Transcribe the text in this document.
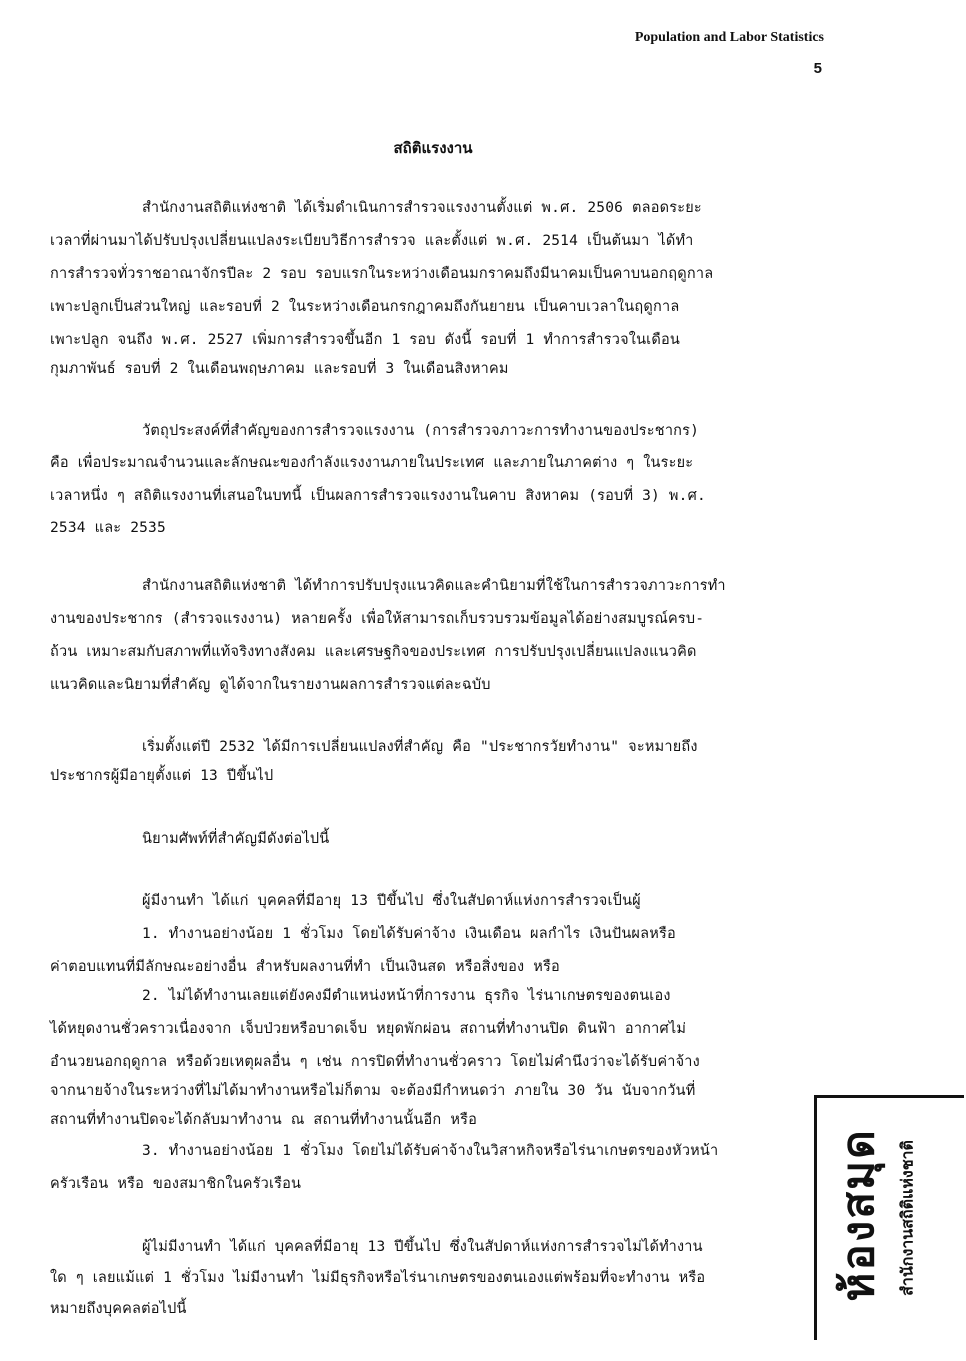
Population and Labor Statistics
5
สถิติแรงงาน
สำนักงานสถิติแห่งชาติ ได้เริ่มดำเนินการสำรวจแรงงานตั้งแต่ พ.ศ. 2506 ตลอดระยะ
เวลาที่ผ่านมาได้ปรับปรุงเปลี่ยนแปลงระเบียบวิธีการสำรวจ และตั้งแต่ พ.ศ. 2514 เป็นต้นมา ได้ทำ
การสำรวจทั่วราชอาณาจักรปีละ 2 รอบ รอบแรกในระหว่างเดือนมกราคมถึงมีนาคมเป็นคาบนอกฤดูกาล
เพาะปลูกเป็นส่วนใหญ่ และรอบที่ 2 ในระหว่างเดือนกรกฎาคมถึงกันยายน เป็นคาบเวลาในฤดูกาล
เพาะปลูก จนถึง พ.ศ. 2527 เพิ่มการสำรวจขึ้นอีก 1 รอบ ดังนี้ รอบที่ 1 ทำการสำรวจในเดือน
กุมภาพันธ์ รอบที่ 2 ในเดือนพฤษภาคม และรอบที่ 3 ในเดือนสิงหาคม
วัตถุประสงค์ที่สำคัญของการสำรวจแรงงาน (การสำรวจภาวะการทำงานของประชากร)
คือ เพื่อประมาณจำนวนและลักษณะของกำลังแรงงานภายในประเทศ และภายในภาคต่าง ๆ ในระยะ
เวลาหนึ่ง ๆ สถิติแรงงานที่เสนอในบทนี้ เป็นผลการสำรวจแรงงานในคาบ สิงหาคม (รอบที่ 3) พ.ศ.
2534 และ 2535
สำนักงานสถิติแห่งชาติ ได้ทำการปรับปรุงแนวคิดและคำนิยามที่ใช้ในการสำรวจภาวะการทำ
งานของประชากร (สำรวจแรงงาน) หลายครั้ง เพื่อให้สามารถเก็บรวบรวมข้อมูลได้อย่างสมบูรณ์ครบ-
ถ้วน เหมาะสมกับสภาพที่แท้จริงทางสังคม และเศรษฐกิจของประเทศ การปรับปรุงเปลี่ยนแปลงแนวคิด
แนวคิดและนิยามที่สำคัญ ดูได้จากในรายงานผลการสำรวจแต่ละฉบับ
เริ่มตั้งแต่ปี 2532 ได้มีการเปลี่ยนแปลงที่สำคัญ คือ "ประชากรวัยทำงาน" จะหมายถึง
ประชากรผู้มีอายุตั้งแต่ 13 ปีขึ้นไป
นิยามศัพท์ที่สำคัญมีดังต่อไปนี้
ผู้มีงานทำ ได้แก่ บุคคลที่มีอายุ 13 ปีขึ้นไป ซึ่งในสัปดาห์แห่งการสำรวจเป็นผู้
1. ทำงานอย่างน้อย 1 ชั่วโมง โดยได้รับค่าจ้าง เงินเดือน ผลกำไร เงินปันผลหรือ
ค่าตอบแทนที่มีลักษณะอย่างอื่น สำหรับผลงานที่ทำ เป็นเงินสด หรือสิ่งของ หรือ
2. ไม่ได้ทำงานเลยแต่ยังคงมีตำแหน่งหน้าที่การงาน ธุรกิจ ไร่นาเกษตรของตนเอง
ได้หยุดงานชั่วคราวเนื่องจาก เจ็บป่วยหรือบาดเจ็บ หยุดพักผ่อน สถานที่ทำงานปิด ดินฟ้า อากาศไม่
อำนวยนอกฤดูกาล หรือด้วยเหตุผลอื่น ๆ เช่น การปิดที่ทำงานชั่วคราว โดยไม่คำนึงว่าจะได้รับค่าจ้าง
จากนายจ้างในระหว่างที่ไม่ได้มาทำงานหรือไม่ก็ตาม จะต้องมีกำหนดว่า ภายใน 30 วัน นับจากวันที่
สถานที่ทำงานปิดจะได้กลับมาทำงาน ณ สถานที่ทำงานนั้นอีก หรือ
3. ทำงานอย่างน้อย 1 ชั่วโมง โดยไม่ได้รับค่าจ้างในวิสาหกิจหรือไร่นาเกษตรของหัวหน้า
ครัวเรือน หรือ ของสมาชิกในครัวเรือน
ผู้ไม่มีงานทำ ได้แก่ บุคคลที่มีอายุ 13 ปีขึ้นไป ซึ่งในสัปดาห์แห่งการสำรวจไม่ได้ทำงาน
ใด ๆ เลยแม้แต่ 1 ชั่วโมง ไม่มีงานทำ ไม่มีธุรกิจหรือไร่นาเกษตรของตนเองแต่พร้อมที่จะทำงาน หรือ
หมายถึงบุคคลต่อไปนี้
ห้องสมุด สำนักงานสถิติแห่งชาติ
